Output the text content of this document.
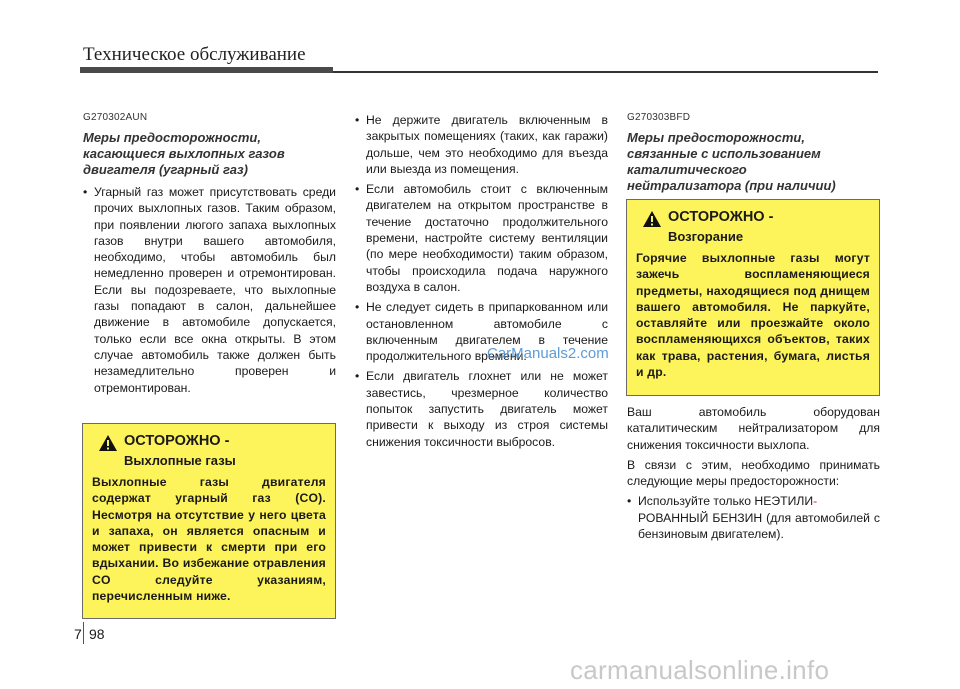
Техническое обслуживание
G270302AUN
Меры предосторожности,
касающиеся выхлопных газов
двигателя (угарный газ)
• Угарный газ может присутствовать среди прочих выхлопных газов. Таким образом, при появлении люгого запаха выхлопных газов внутри вашего автомобиля, необходимо, чтобы автомобиль был немедленно проверен и отремонтирован. Если вы подозреваете, что выхлопные газы попадают в салон, дальнейшее движение в автомобиле допускается, только если все окна открыты. В этом случае автомобиль также должен быть незамедлительно проверен и отремонтирован.
ОСТОРОЖНО -
Выхлопные газы
Выхлопные газы двигателя содержат угарный газ (CO). Несмотря на отсутствие у него цвета и запаха, он является опасным и может привести к смерти при его вдыхании. Во избежание отравления CO следуйте указаниям, перечисленным ниже.
• Не держите двигатель включенным в закрытых помещениях (таких, как гаражи) дольше, чем это необходимо для въезда или выезда из помещения.
• Если автомобиль стоит с включенным двигателем на открытом пространстве в течение достаточно продолжительного времени, настройте систему вентиляции (по мере необходимости) таким образом, чтобы происходила подача наружного воздуха в салон.
• Не следует сидеть в припаркованном или остановленном автомобиле с включенным двигателем в течение продолжительного времени.
• Если двигатель глохнет или не может завестись, чрезмерное количество попыток запустить двигатель может привести к выходу из строя системы снижения токсичности выбросов.
G270303BFD
Меры предосторожности,
связанные с использованием
каталитического
нейтрализатора (при наличии)
ОСТОРОЖНО -
Возгорание
Горячие выхлопные газы могут зажечь воспламеняющиеся предметы, находящиеся под днищем вашего автомобиля. Не паркуйте, оставляйте или проезжайте около воспламеняющихся объектов, таких как трава, растения, бумага, листья и др.
Ваш автомобиль оборудован каталитическим нейтрализатором для снижения токсичности выхлопа.
В связи с этим, необходимо принимать следующие меры предосторожности:
• Используйте только НЕЭТИЛИ-
РОВАННЫЙ БЕНЗИН (для автомобилей с бензиновым двигателем).
7 98
CarManuals2.com
carmanualsonline.info
